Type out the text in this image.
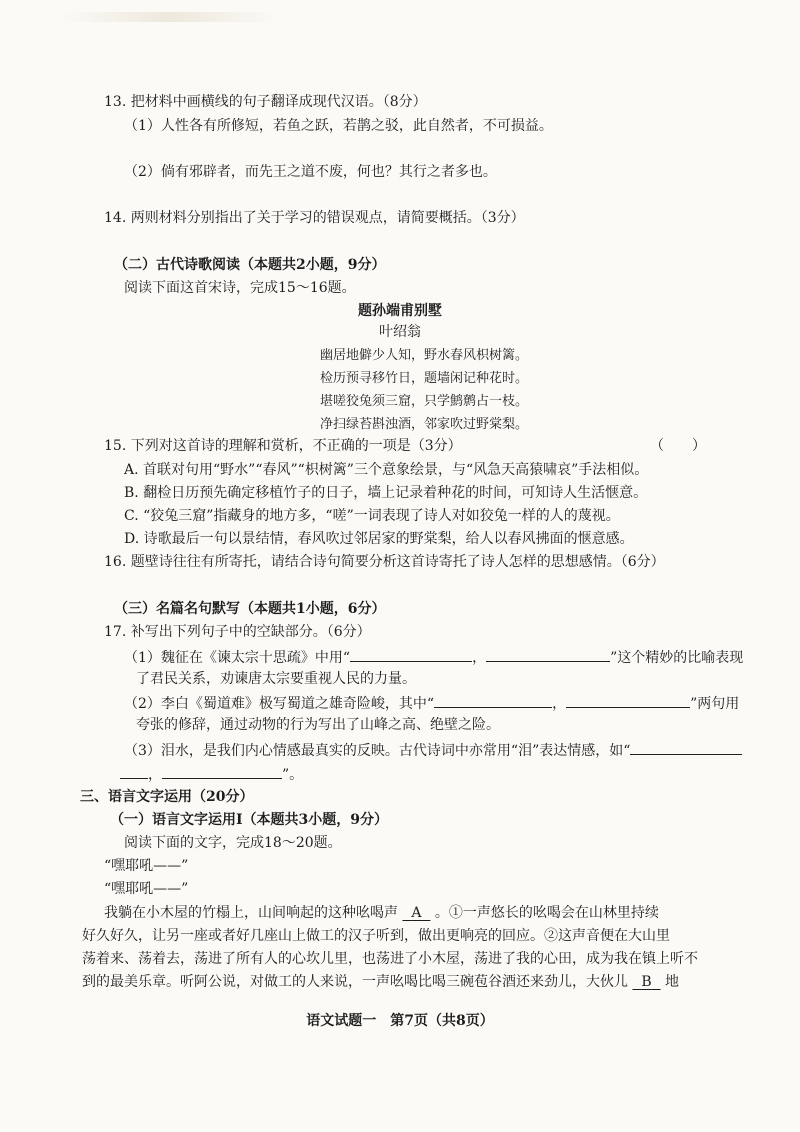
13. 把材料中画横线的句子翻译成现代汉语。（8分）
（1）人性各有所修短，若鱼之跃，若鹊之驳，此自然者，不可损益。
（2）倘有邪辟者，而先王之道不废，何也？其行之者多也。
14. 两则材料分别指出了关于学习的错误观点，请简要概括。（3分）
（二）古代诗歌阅读（本题共2小题，9分）
阅读下面这首宋诗，完成15～16题。
题孙端甫别墅
叶绍翁
幽居地僻少人知，野水春风枳树篱。
检历预寻移竹日，题墙闲记种花时。
堪嗟狡兔须三窟，只学鹪鹩占一枝。
净扫绿苔斟浊酒，邻家吹过野棠梨。
15. 下列对这首诗的理解和赏析，不正确的一项是（3分）	（　　）
A. 首联对句用“野水”“春风”“枳树篱”三个意象绘景，与“风急天高猿啸哀”手法相似。
B. 翻检日历预先确定移植竹子的日子，墙上记录着种花的时间，可知诗人生活惬意。
C. “狡兔三窟”指藏身的地方多，“嗟”一词表现了诗人对如狡兔一样的人的蔑视。
D. 诗歌最后一句以景结情，春风吹过邻居家的野棠梨，给人以春风拂面的惬意感。
16. 题壁诗往往有所寄托，请结合诗句简要分析这首诗寄托了诗人怎样的思想感情。（6分）
（三）名篇名句默写（本题共1小题，6分）
17. 补写出下列句子中的空缺部分。（6分）
（1）魏征在《谏太宗十思疏》中用“	，	”这个精妙的比喻表现
了君民关系，劝谏唐太宗要重视人民的力量。
（2）李白《蜀道难》极写蜀道之雄奇险峻，其中“	，	”两句用
夸张的修辞，通过动物的行为写出了山峰之高、绝壁之险。
（3）泪水，是我们内心情感最真实的反映。古代诗词中亦常用“泪”表达情感，如“
，	”。
三、语言文字运用（20分）
（一）语言文字运用Ⅰ（本题共3小题，9分）
阅读下面的文字，完成18～20题。
“嘿耶吼——”
“嘿耶吼——”
我躺在小木屋的竹榻上，山间响起的这种吆喝声 A 。①一声悠长的吆喝会在山林里持续
好久好久，让另一座或者好几座山上做工的汉子听到，做出更响亮的回应。②这声音便在大山里
荡着来、荡着去，荡进了所有人的心坎儿里，也荡进了小木屋，荡进了我的心田，成为我在镇上听不
到的最美乐章。听阿公说，对做工的人来说，一声吆喝比喝三碗苞谷酒还来劲儿，大伙儿 B 地
语文试题一　第7页（共8页）
